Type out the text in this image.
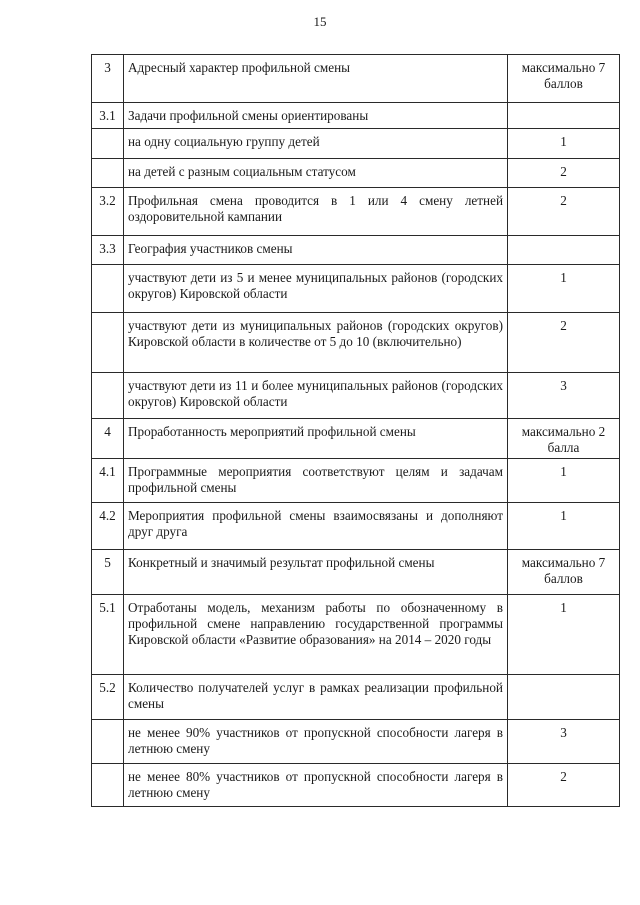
15
3	Адресный характер профильной смены	максимально 7 баллов
3.1	Задачи профильной смены ориентированы	
	на одну социальную группу детей	1
	на детей с разным социальным статусом	2
3.2	Профильная смена проводится в 1 или 4 смену летней оздоровительной кампании	2
3.3	География участников смены	
	участвуют дети из 5 и менее муниципальных районов (городских округов) Кировской области	1
	участвуют дети из муниципальных районов (городских округов) Кировской области в количестве от 5 до 10 (включительно)	2
	участвуют дети из 11 и более муниципальных районов (городских округов) Кировской области	3
4	Проработанность мероприятий профильной смены	максимально 2 балла
4.1	Программные мероприятия соответствуют целям и задачам профильной смены	1
4.2	Мероприятия профильной смены взаимосвязаны и дополняют друг друга	1
5	Конкретный и значимый результат профильной смены	максимально 7 баллов
5.1	Отработаны модель, механизм работы по обозначенному в профильной смене направлению государственной программы Кировской области «Развитие образования» на 2014 – 2020 годы	1
5.2	Количество получателей услуг в рамках реализации профильной смены	
	не менее 90% участников от пропускной способности лагеря в летнюю смену	3
	не менее 80% участников от пропускной способности лагеря в летнюю смену	2
